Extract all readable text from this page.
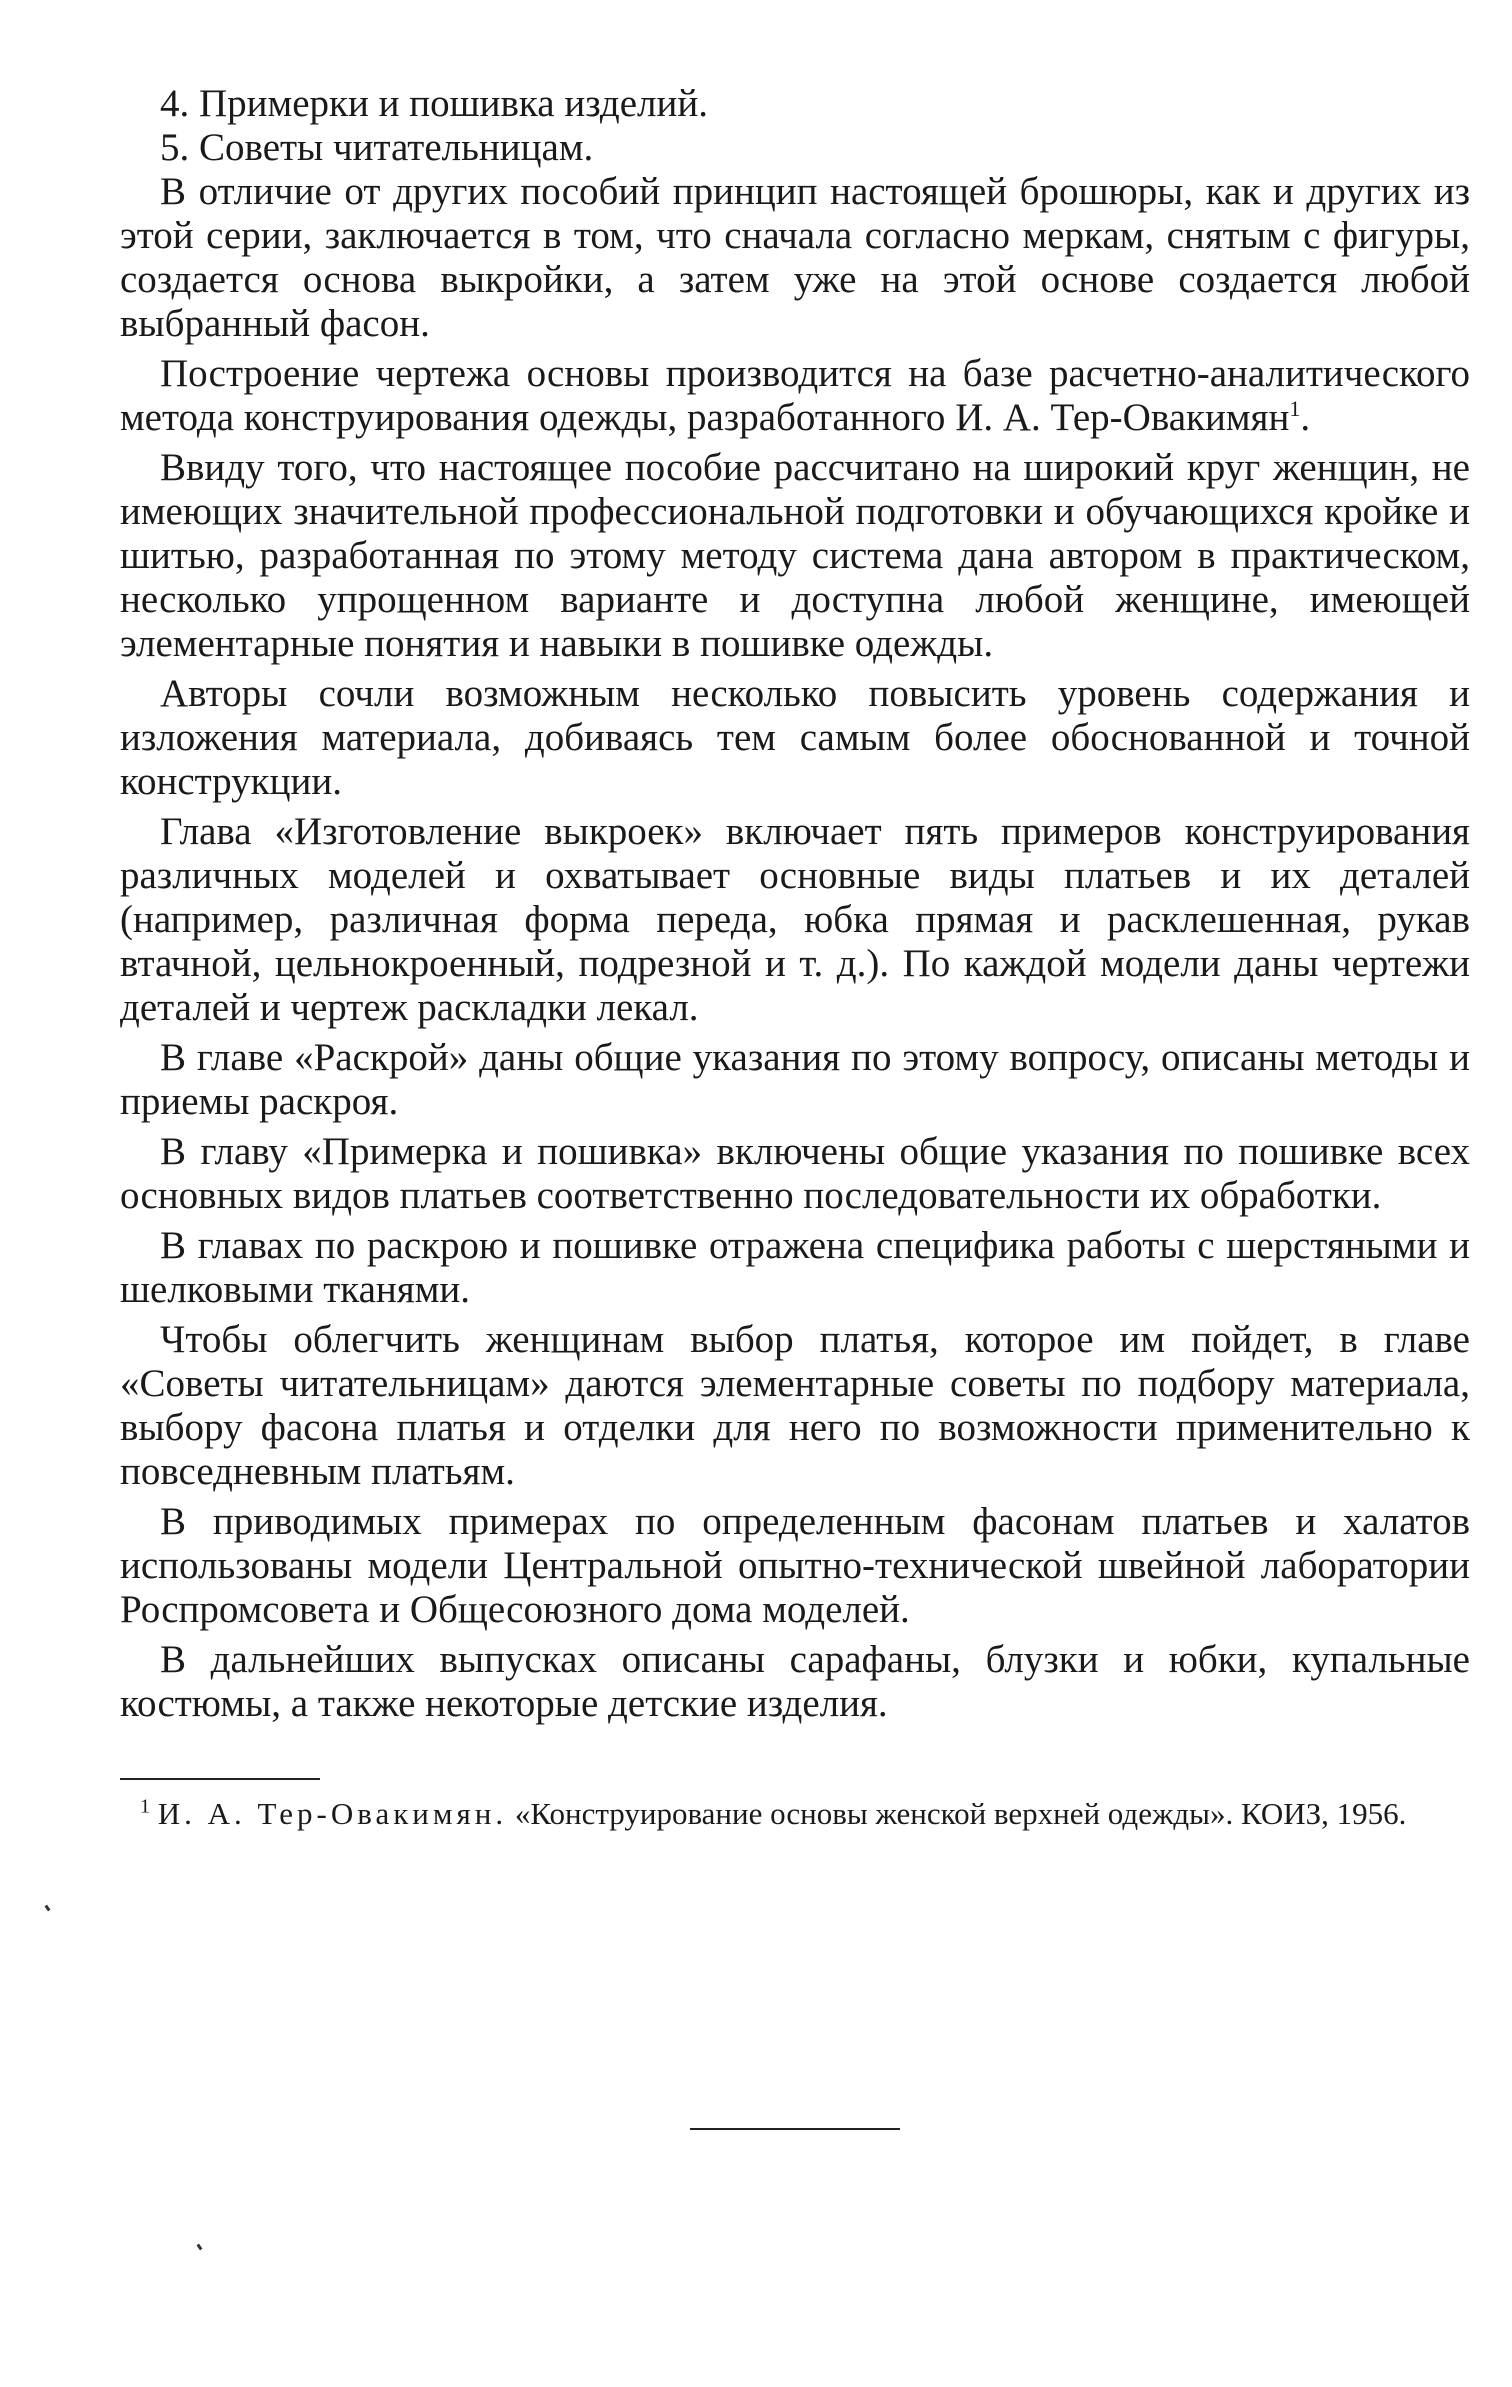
4. Примерки и пошивка изделий.

5. Советы читательницам.

В отличие от других пособий принцип настоящей брошюры, как и других из этой серии, заключается в том, что сначала согласно меркам, снятым с фигуры, создается основа выкройки, а затем уже на этой основе создается любой выбранный фасон.

Построение чертежа основы производится на базе расчетно-аналитического метода конструирования одежды, разработанного И. А. Тер-Овакимян$^1$.

Ввиду того, что настоящее пособие рассчитано на широкий круг женщин, не имеющих значительной профессиональной подготовки и обучающихся кройке и шитью, разработанная по этому методу система дана автором в практическом, несколько упрощенном варианте и доступна любой женщине, имеющей элементарные понятия и навыки в пошивке одежды.

Авторы сочли возможным несколько повысить уровень содержания и изложения материала, добиваясь тем самым более обоснованной и точной конструкции.

Глава «Изготовление выкроек» включает пять примеров конструирования различных моделей и охватывает основные виды платьев и их деталей (например, различная форма переда, юбка прямая и расклешенная, рукав втачной, цельнокроенный, подрезной и т. д.). По каждой модели даны чертежи деталей и чертеж раскладки лекал.

В главе «Раскрой» даны общие указания по этому вопросу, описаны методы и приемы раскроя.

В главу «Примерка и пошивка» включены общие указания по пошивке всех основных видов платьев соответственно последовательности их обработки.

В главах по раскрою и пошивке отражена специфика работы с шерстяными и шелковыми тканями.

Чтобы облегчить женщинам выбор платья, которое им пойдет, в главе «Советы читательницам» даются элементарные советы по подбору материала, выбору фасона платья и отделки для него по возможности применительно к повседневным платьям.

В приводимых примерах по определенным фасонам платьев и халатов использованы модели Центральной опытно-технической швейной лаборатории Роспромсовета и Общесоюзного дома моделей.

В дальнейших выпусках описаны сарафаны, блузки и юбки, купальные костюмы, а также некоторые детские изделия.

$^1$ И. А. Тер-Овакимян. «Конструирование основы женской верхней одежды». КОИЗ, 1956.
